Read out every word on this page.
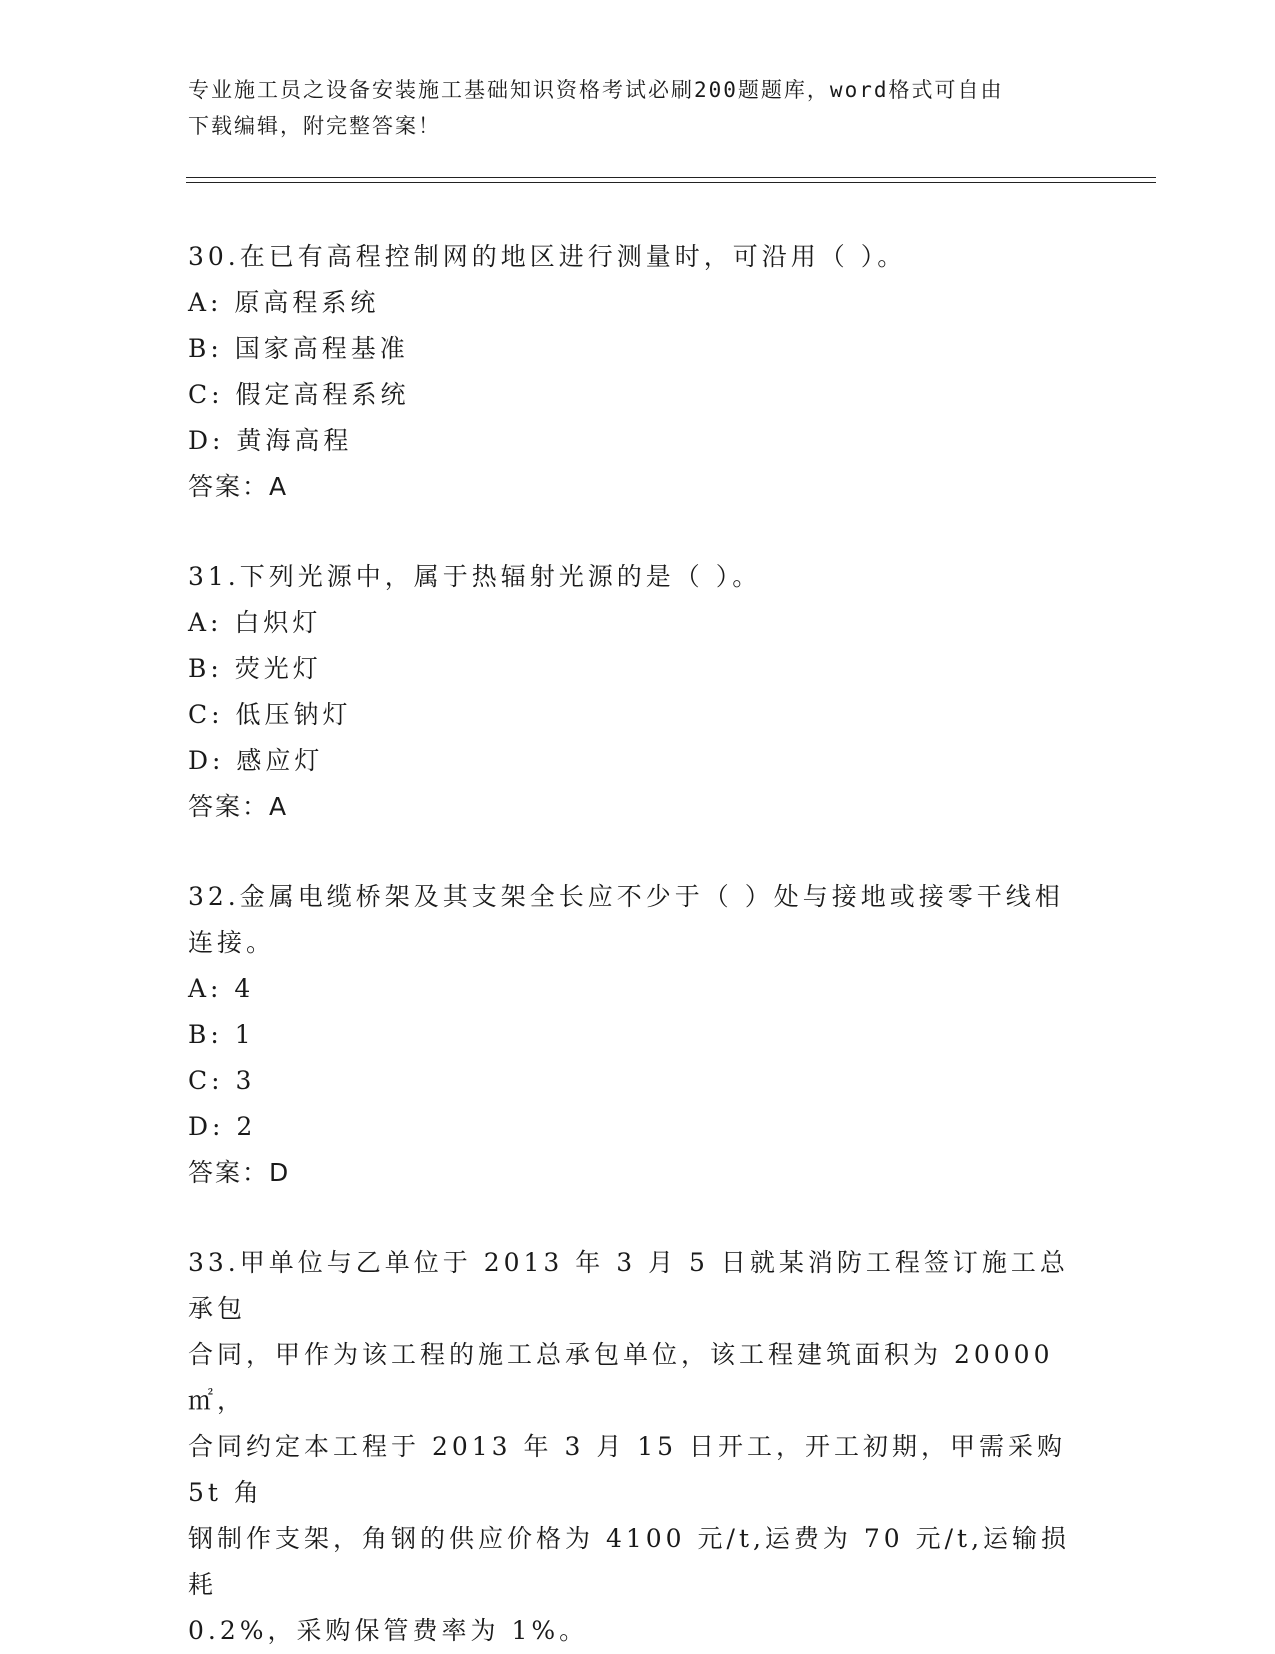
专业施工员之设备安装施工基础知识资格考试必刷200题题库，word格式可自由
下载编辑，附完整答案！

30.在已有高程控制网的地区进行测量时，可沿用（ ）。

A: 原高程系统

B: 国家高程基准

C: 假定高程系统

D: 黄海高程

答案：A

31.下列光源中，属于热辐射光源的是（ ）。

A: 白炽灯

B: 荧光灯

C: 低压钠灯

D: 感应灯

答案：A

32.金属电缆桥架及其支架全长应不少于（ ）处与接地或接零干线相

连接。

A: 4

B: 1

C: 3

D: 2

答案：D

33.甲单位与乙单位于 2013 年 3 月 5 日就某消防工程签订施工总承包

合同，甲作为该工程的施工总承包单位，该工程建筑面积为 20000㎡，

合同约定本工程于 2013 年 3 月 15 日开工，开工初期，甲需采购 5t 角

钢制作支架，角钢的供应价格为 4100 元/t,运费为 70 元/t,运输损耗

0.2%，采购保管费率为 1%。
